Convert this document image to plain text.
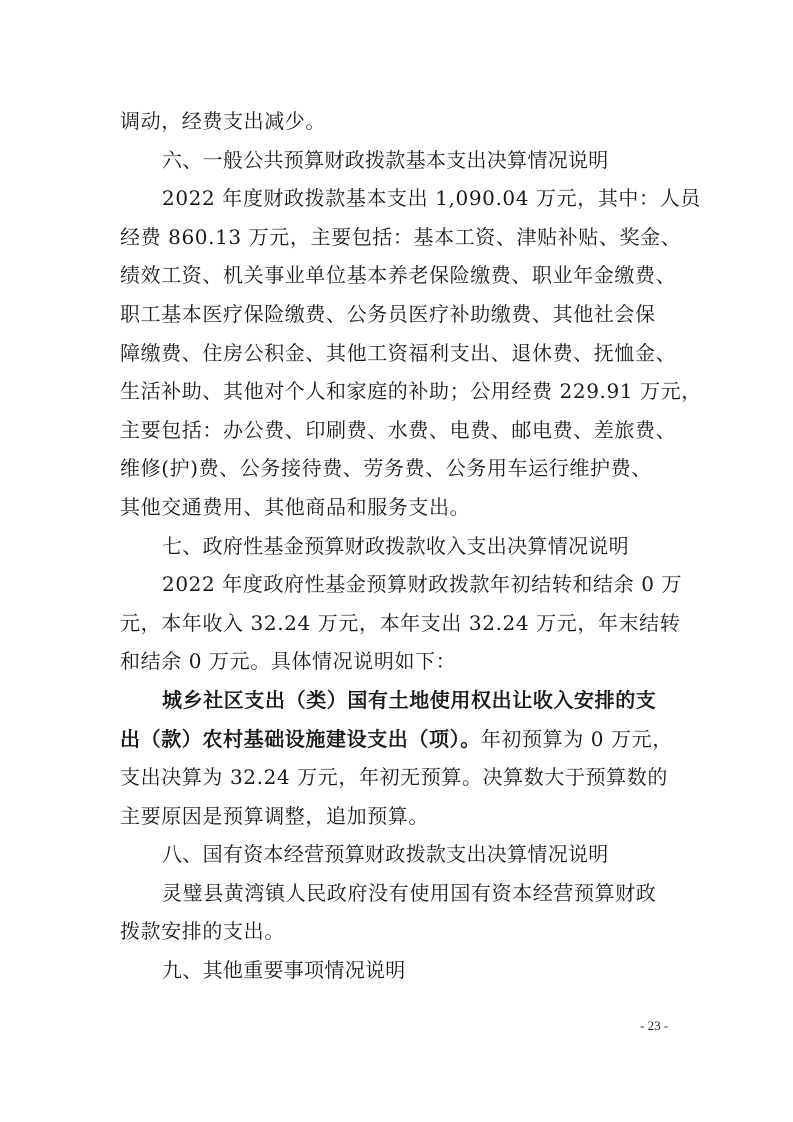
调动，经费支出减少。
六、一般公共预算财政拨款基本支出决算情况说明
2022 年度财政拨款基本支出 1,090.04 万元，其中：人员
经费 860.13 万元，主要包括：基本工资、津贴补贴、奖金、
绩效工资、机关事业单位基本养老保险缴费、职业年金缴费、
职工基本医疗保险缴费、公务员医疗补助缴费、其他社会保
障缴费、住房公积金、其他工资福利支出、退休费、抚恤金、
生活补助、其他对个人和家庭的补助；公用经费 229.91 万元，
主要包括：办公费、印刷费、水费、电费、邮电费、差旅费、
维修(护)费、公务接待费、劳务费、公务用车运行维护费、
其他交通费用、其他商品和服务支出。
七、政府性基金预算财政拨款收入支出决算情况说明
2022 年度政府性基金预算财政拨款年初结转和结余 0 万
元，本年收入 32.24 万元，本年支出 32.24 万元，年末结转
和结余 0 万元。具体情况说明如下：
城乡社区支出（类）国有土地使用权出让收入安排的支
出（款）农村基础设施建设支出（项）。年初预算为 0 万元，
支出决算为 32.24 万元，年初无预算。决算数大于预算数的
主要原因是预算调整，追加预算。
八、国有资本经营预算财政拨款支出决算情况说明
灵璧县黄湾镇人民政府没有使用国有资本经营预算财政
拨款安排的支出。
九、其他重要事项情况说明
- 23 -
